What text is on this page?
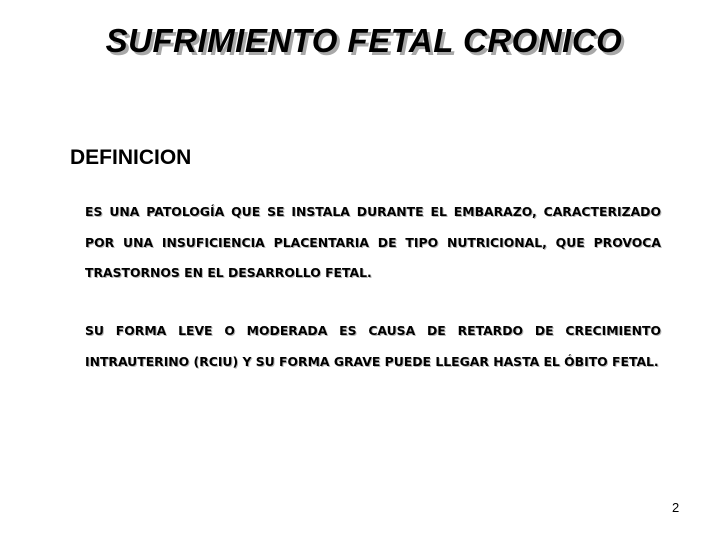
SUFRIMIENTO FETAL CRONICO
DEFINICION

ES UNA PATOLOGÍA QUE SE INSTALA DURANTE EL EMBARAZO, CARACTERIZADO POR UNA INSUFICIENCIA PLACENTARIA DE TIPO NUTRICIONAL, QUE PROVOCA TRASTORNOS EN EL DESARROLLO FETAL.

SU FORMA LEVE O MODERADA ES CAUSA DE RETARDO DE CRECIMIENTO INTRAUTERINO (RCIU) Y SU FORMA GRAVE PUEDE LLEGAR HASTA EL ÓBITO FETAL.

2
